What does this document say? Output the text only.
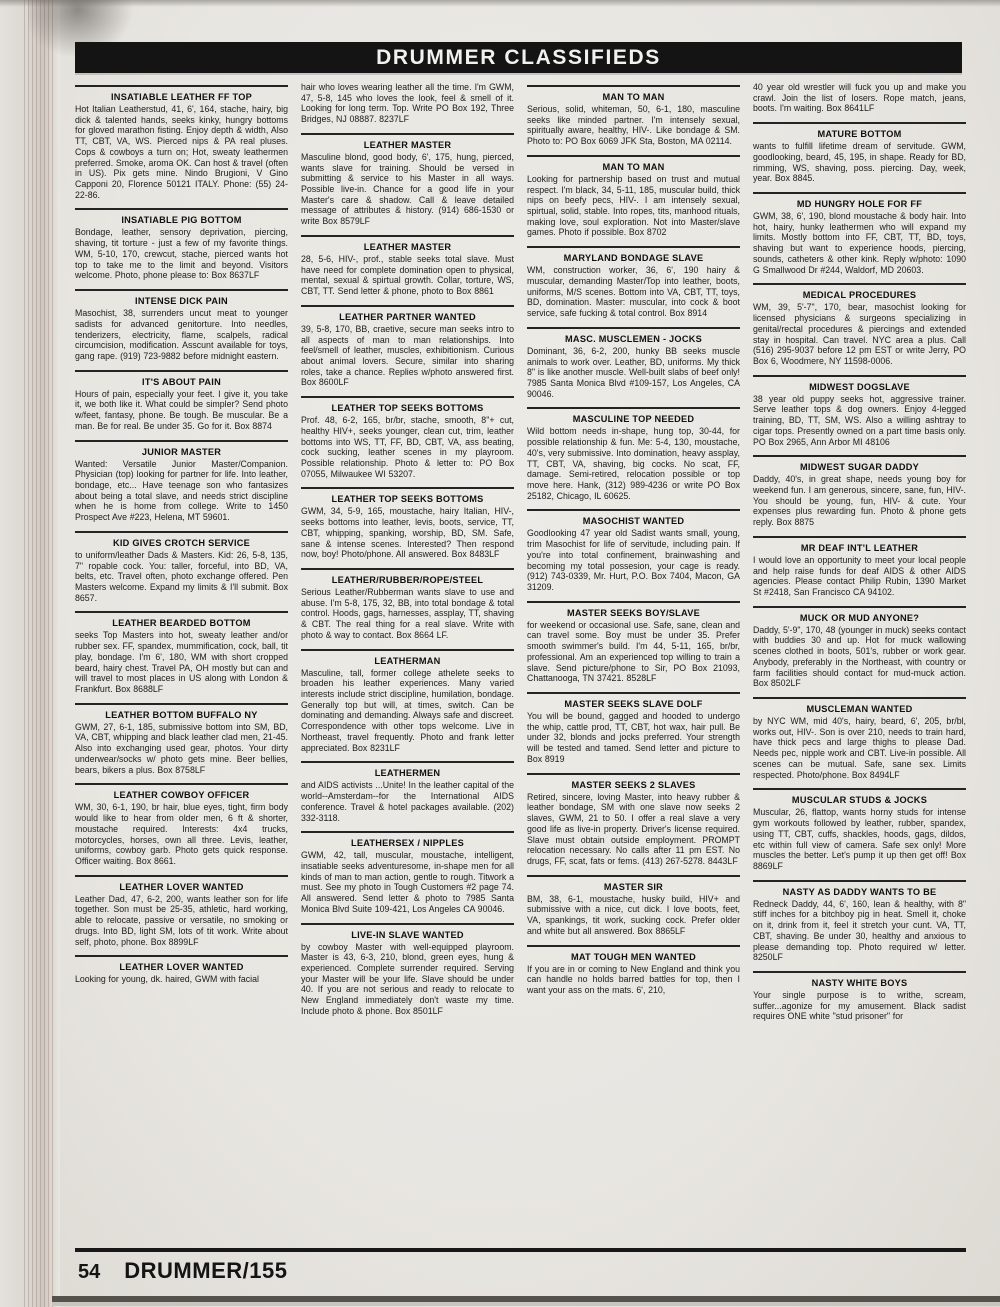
DRUMMER CLASSIFIEDS
INSATIABLE LEATHER FF TOP

Hot Italian Leatherstud, 41, 6', 164, stache, hairy, big dick & talented hands, seeks kinky, hungry bottoms for gloved marathon fisting. Enjoy depth & width, Also TT, CBT, VA, WS. Pierced nips & PA real pluses. Cops & cowboys a turn on; Hot, sweaty leathermen preferred. Smoke, aroma OK. Can host & travel (often in US). Pix gets mine. Nindo Brugioni, V Gino Capponi 20, Florence 50121 ITALY. Phone: (55) 24-22-86.

INSATIABLE PIG BOTTOM

Bondage, leather, sensory deprivation, piercing, shaving, tit torture - just a few of my favorite things. WM, 5-10, 170, crewcut, stache, pierced wants hot top to take me to the limit and beyond. Visitors welcome. Photo, phone please to: Box 8637LF

INTENSE DICK PAIN

Masochist, 38, surrenders uncut meat to younger sadists for advanced genitorture. Into needles, tenderizers, electricity, flame, scalpels, radical circumcision, modification. Asscunt available for toys, gang rape. (919) 723-9882 before midnight eastern.

IT'S ABOUT PAIN

Hours of pain, especially your feet. I give it, you take it, we both like it. What could be simpler? Send photo w/feet, fantasy, phone. Be tough. Be muscular. Be a man. Be for real. Be under 35. Go for it. Box 8874

JUNIOR MASTER

Wanted: Versatile Junior Master/Companion. Physician (top) looking for partner for life. Into leather, bondage, etc... Have teenage son who fantasizes about being a total slave, and needs strict discipline when he is home from college. Write to 1450 Prospect Ave #223, Helena, MT 59601.

KID GIVES CROTCH SERVICE

to uniform/leather Dads & Masters. Kid: 26, 5-8, 135, 7" ropable cock. You: taller, forceful, into BD, VA, belts, etc. Travel often, photo exchange offered. Pen Masters welcome. Expand my limits & I'll submit. Box 8657.

LEATHER BEARDED BOTTOM

seeks Top Masters into hot, sweaty leather and/or rubber sex. FF, spandex, mummification, cock, ball, tit play, bondage. I'm 6', 180, WM with short cropped beard, hairy chest. Travel PA, OH mostly but can and will travel to most places in US along with London & Frankfurt. Box 8688LF

LEATHER BOTTOM BUFFALO NY

GWM, 27, 6-1, 185, submissive bottom into SM, BD, VA, CBT, whipping and black leather clad men, 21-45. Also into exchanging used gear, photos. Your dirty underwear/socks w/ photo gets mine. Beer bellies, bears, bikers a plus. Box 8758LF

LEATHER COWBOY OFFICER

WM, 30, 6-1, 190, br hair, blue eyes, tight, firm body would like to hear from older men, 6 ft & shorter, moustache required. Interests: 4x4 trucks, motorcycles, horses, own all three. Levis, leather, uniforms, cowboy garb. Photo gets quick response. Officer waiting. Box 8661.

LEATHER LOVER WANTED

Leather Dad, 47, 6-2, 200, wants leather son for life together. Son must be 25-35, athletic, hard working, able to relocate, passive or versatile, no smoking or drugs. Into BD, light SM, lots of tit work. Write about self, photo, phone. Box 8899LF

LEATHER LOVER WANTED

Looking for young, dk. haired, GWM with facial

hair who loves wearing leather all the time. I'm GWM, 47, 5-8, 145 who loves the look, feel & smell of it. Looking for long term. Top. Write PO Box 192, Three Bridges, NJ 08887. 8237LF

LEATHER MASTER

Masculine blond, good body, 6', 175, hung, pierced, wants slave for training. Should be versed in submitting & service to his Master in all ways. Possible live-in. Chance for a good life in your Master's care & shadow. Call & leave detailed message of attributes & history. (914) 686-1530 or write Box 8579LF

LEATHER MASTER

28, 5-6, HIV-, prof., stable seeks total slave. Must have need for complete domination open to physical, mental, sexual & spirtual growth. Collar, torture, WS, CBT, TT. Send letter & phone, photo to Box 8861

LEATHER PARTNER WANTED

39, 5-8, 170, BB, craetive, secure man seeks intro to all aspects of man to man relationships. Into feel/smell of leather, muscles, exhibitionism. Curious about animal lovers. Secure, similar into sharing roles, take a chance. Replies w/photo answered first. Box 8600LF

LEATHER TOP SEEKS BOTTOMS

Prof. 48, 6-2, 165, br/br, stache, smooth, 8"+ cut, healthy HIV+, seeks younger, clean cut, trim, leather bottoms into WS, TT, FF, BD, CBT, VA, ass beating, cock sucking, leather scenes in my playroom. Possible relationship. Photo & letter to: PO Box 07055, Milwaukee WI 53207.

LEATHER TOP SEEKS BOTTOMS

GWM, 34, 5-9, 165, moustache, hairy Italian, HIV-, seeks bottoms into leather, levis, boots, service, TT, CBT, whipping, spanking, worship, BD, SM. Safe, sane & intense scenes. Interested? Then respond now, boy! Photo/phone. All answered. Box 8483LF

LEATHER/RUBBER/ROPE/STEEL

Serious Leather/Rubberman wants slave to use and abuse. I'm 5-8, 175, 32, BB, into total bondage & total control. Hoods, gags, harnesses, assplay, TT, shaving & CBT. The real thing for a real slave. Write with photo & way to contact. Box 8664 LF.

LEATHERMAN

Masculine, tall, former college athelete seeks to broaden his leather experiences. Many varied interests include strict discipline, humilation, bondage. Generally top but will, at times, switch. Can be dominating and demanding. Always safe and discreet. Correspondence with other tops welcome. Live in Northeast, travel frequently. Photo and frank letter appreciated. Box 8231LF

LEATHERMEN

and AIDS activists ...Unite! In the leather capital of the world--Amsterdam--for the International AIDS conference. Travel & hotel packages available. (202) 332-3118.

LEATHERSEX / NIPPLES

GWM, 42, tall, muscular, moustache, intelligent, insatiable seeks adventuresome, in-shape men for all kinds of man to man action, gentle to rough. Titwork a must. See my photo in Tough Customers #2 page 74. All answered. Send letter & photo to 7985 Santa Monica Blvd Suite 109-421, Los Angeles CA 90046.

LIVE-IN SLAVE WANTED

by cowboy Master with well-equipped playroom. Master is 43, 6-3, 210, blond, green eyes, hung & experienced. Complete surrender required. Serving your Master will be your life. Slave should be under 40. If you are not serious and ready to relocate to New England immediately don't waste my time. Include photo & phone. Box 8501LF

MAN TO MAN

Serious, solid, whiteman, 50, 6-1, 180, masculine seeks like minded partner. I'm intensely sexual, spiritually aware, healthy, HIV-. Like bondage & SM. Photo to: PO Box 6069 JFK Sta, Boston, MA 02114.

MAN TO MAN

Looking for partnership based on trust and mutual respect. I'm black, 34, 5-11, 185, muscular build, thick nips on beefy pecs, HIV-. I am intensely sexual, spirtual, solid, stable. Into ropes, tits, manhood rituals, making love, soul exploration. Not into Master/slave games. Photo if possible. Box 8702

MARYLAND BONDAGE SLAVE

WM, construction worker, 36, 6', 190 hairy & muscular, demanding Master/Top into leather, boots, uniforms, M/S scenes. Bottom into VA, CBT, TT, toys, BD, domination. Master: muscular, into cock & boot service, safe fucking & total control. Box 8914

MASC. MUSCLEMEN - JOCKS

Dominant, 36, 6-2, 200, hunky BB seeks muscle animals to work over. Leather, BD, uniforms. My thick 8" is like another muscle. Well-built slabs of beef only! 7985 Santa Monica Blvd #109-157, Los Angeles, CA 90046.

MASCULINE TOP NEEDED

Wild bottom needs in-shape, hung top, 30-44, for possible relationship & fun. Me: 5-4, 130, moustache, 40's, very submissive. Into domination, heavy assplay, TT, CBT, VA, shaving, big cocks. No scat, FF, damage. Semi-retired, relocation possible or top move here. Hank, (312) 989-4236 or write PO Box 25182, Chicago, IL 60625.

MASOCHIST WANTED

Goodlooking 47 year old Sadist wants small, young, trim Masochist for life of servitude, including pain. If you're into total confinement, brainwashing and becoming my total possesion, your cage is ready. (912) 743-0339, Mr. Hurt, P.O. Box 7404, Macon, GA 31209.

MASTER SEEKS BOY/SLAVE

for weekend or occasional use. Safe, sane, clean and can travel some. Boy must be under 35. Prefer smooth swimmer's build. I'm 44, 5-11, 165, br/br, professional. Am an experienced top willing to train a slave. Send picture/phone to Sir, PO Box 21093, Chattanooga, TN 37421. 8528LF

MASTER SEEKS SLAVE DOLF

You will be bound, gagged and hooded to undergo the whip, cattle prod, TT, CBT, hot wax, hair pull. Be under 32, blonds and jocks preferred. Your strength will be tested and tamed. Send letter and picture to Box 8919

MASTER SEEKS 2 SLAVES

Retired, sincere, loving Master, into heavy rubber & leather bondage, SM with one slave now seeks 2 slaves, GWM, 21 to 50. I offer a real slave a very good life as live-in property. Driver's license required. Slave must obtain outside employment. PROMPT relocation necessary. No calls after 11 pm EST. No drugs, FF, scat, fats or fems. (413) 267-5278. 8443LF

MASTER SIR

BM, 38, 6-1, moustache, husky build, HIV+ and submissive with a nice, cut dick. I love boots, feet, VA, spankings, tit work, sucking cock. Prefer older and white but all answered. Box 8865LF

MAT TOUGH MEN WANTED

If you are in or coming to New England and think you can handle no holds barred battles for top, then I want your ass on the mats. 6', 210,

40 year old wrestler will fuck you up and make you crawl. Join the list of losers. Rope match, jeans, boots. I'm waiting. Box 8641LF

MATURE BOTTOM

wants to fulfill lifetime dream of servitude. GWM, goodlooking, beard, 45, 195, in shape. Ready for BD, rimming, WS, shaving, poss. piercing. Day, week, year. Box 8845.

MD HUNGRY HOLE FOR FF

GWM, 38, 6', 190, blond moustache & body hair. Into hot, hairy, hunky leathermen who will expand my limits. Mostly bottom into FF, CBT, TT, BD, toys, shaving but want to experience hoods, piercing, sounds, catheters & other kink. Reply w/photo: 1090 G Smallwood Dr #244, Waldorf, MD 20603.

MEDICAL PROCEDURES

WM, 39, 5'-7", 170, bear, masochist looking for licensed physicians & surgeons specializing in genital/rectal procedures & piercings and extended stay in hospital. Can travel. NYC area a plus. Call (516) 295-9037 before 12 pm EST or write Jerry, PO Box 6, Woodmere, NY 11598-0006.

MIDWEST DOGSLAVE

38 year old puppy seeks hot, aggressive trainer. Serve leather tops & dog owners. Enjoy 4-legged training, BD, TT, SM, WS. Also a willing ashtray to cigar tops. Presently owned on a part time basis only. PO Box 2965, Ann Arbor MI 48106

MIDWEST SUGAR DADDY

Daddy, 40's, in great shape, needs young boy for weekend fun. I am generous, sincere, sane, fun, HIV-. You should be young, fun, HIV- & cute. Your expenses plus rewarding fun. Photo & phone gets reply. Box 8875

MR DEAF INT'L LEATHER

I would love an opportunity to meet your local people and help raise funds for deaf AIDS & other AIDS agencies. Please contact Philip Rubin, 1390 Market St #2418, San Francisco CA 94102.

MUCK OR MUD ANYONE?

Daddy, 5'-9", 170, 48 (younger in muck) seeks contact with buddies 30 and up. Hot for muck wallowing scenes clothed in boots, 501's, rubber or work gear. Anybody, preferably in the Northeast, with country or farm facilities should contact for mud-muck action. Box 8502LF

MUSCLEMAN WANTED

by NYC WM, mid 40's, hairy, beard, 6', 205, br/bl, works out, HIV-. Son is over 210, needs to train hard, have thick pecs and large thighs to please Dad. Needs pec, nipple work and CBT. Live-in possible. All scenes can be mutual. Safe, sane sex. Limits respected. Photo/phone. Box 8494LF

MUSCULAR STUDS & JOCKS

Muscular, 26, flattop, wants horny studs for intense gym workouts followed by leather, rubber, spandex, using TT, CBT, cuffs, shackles, hoods, gags, dildos, etc within full view of camera. Safe sex only! More muscles the better. Let's pump it up then get off! Box 8869LF

NASTY AS DADDY WANTS TO BE

Redneck Daddy, 44, 6', 160, lean & healthy, with 8" stiff inches for a bitchboy pig in heat. Smell it, choke on it, drink from it, feel it stretch your cunt. VA, TT, CBT, shaving. Be under 30, healthy and anxious to please demanding top. Photo required w/ letter. 8250LF

NASTY WHITE BOYS

Your single purpose is to writhe, scream, suffer...agonize for my amusement. Black sadist requires ONE white "stud prisoner" for

54 DRUMMER/155
